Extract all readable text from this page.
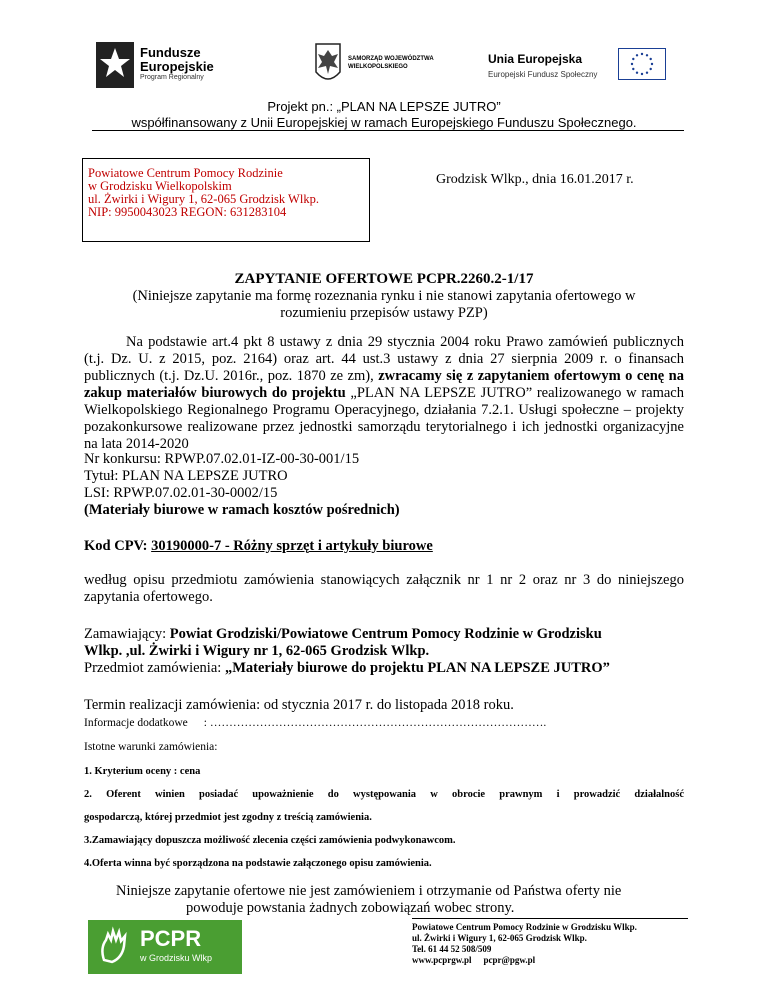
Fundusze
Europejskie
Program Regionalny
SAMORZĄD WOJEWÓDZTWA
WIELKOPOLSKIEGO
Unia Europejska
Europejski Fundusz Społeczny
Projekt pn.: „PLAN NA LEPSZE JUTRO”
współfinansowany z Unii Europejskiej w ramach Europejskiego Funduszu Społecznego.
Powiatowe Centrum Pomocy Rodzinie
w Grodzisku Wielkopolskim
ul. Żwirki i Wigury 1, 62-065 Grodzisk Wlkp.
NIP: 9950043023 REGON: 631283104
Grodzisk Wlkp., dnia 16.01.2017 r.
ZAPYTANIE OFERTOWE PCPR.2260.2-1/17
(Niniejsze zapytanie ma formę rozeznania rynku i nie stanowi zapytania ofertowego w
rozumieniu przepisów ustawy PZP)
Na podstawie art.4 pkt 8 ustawy z dnia 29 stycznia 2004 roku Prawo zamówień publicznych (t.j. Dz. U. z 2015, poz. 2164) oraz art. 44 ust.3 ustawy z dnia 27 sierpnia 2009 r. o finansach publicznych (t.j. Dz.U. 2016r., poz. 1870 ze zm), zwracamy się z zapytaniem ofertowym o cenę na zakup materiałów biurowych do projektu „PLAN NA LEPSZE JUTRO” realizowanego w ramach Wielkopolskiego Regionalnego Programu Operacyjnego, działania 7.2.1. Usługi społeczne – projekty pozakonkursowe realizowane przez jednostki samorządu terytorialnego i ich jednostki organizacyjne na lata 2014-2020
Nr konkursu: RPWP.07.02.01-IZ-00-30-001/15
Tytuł: PLAN NA LEPSZE JUTRO
LSI: RPWP.07.02.01-30-0002/15
(Materiały biurowe w ramach kosztów pośrednich)
Kod CPV: 30190000-7 - Różny sprzęt i artykuły biurowe
według opisu przedmiotu zamówienia stanowiących załącznik nr 1 nr 2 oraz nr 3 do niniejszego zapytania ofertowego.
Zamawiający: Powiat Grodziski/Powiatowe Centrum Pomocy Rodzinie w Grodzisku
Wlkp. ,ul. Żwirki i Wigury nr 1, 62-065 Grodzisk Wlkp.
Przedmiot zamówienia: „Materiały biurowe do projektu PLAN NA LEPSZE JUTRO”
Termin realizacji zamówienia: od stycznia 2017 r. do listopada 2018 roku.
Informacje dodatkowe : …………………………………………………………………………….
Istotne warunki zamówienia:
1. Kryterium oceny : cena
2. Oferent winien posiadać upoważnienie do występowania w obrocie prawnym i prowadzić działalność
gospodarczą, której przedmiot jest zgodny z treścią zamówienia.
3.Zamawiający dopuszcza możliwość zlecenia części zamówienia podwykonawcom.
4.Oferta winna być sporządzona na podstawie załączonego opisu zamówienia.
Niniejsze zapytanie ofertowe nie jest zamówieniem i otrzymanie od Państwa oferty nie
powoduje powstania żadnych zobowiązań wobec strony.
PCPR
w Grodzisku Wlkp
Powiatowe Centrum Pomocy Rodzinie w Grodzisku Wlkp.
ul. Żwirki i Wigury 1, 62-065 Grodzisk Wlkp.
Tel. 61 44 52 508/509
www.pcprgw.pl pcpr@pgw.pl
